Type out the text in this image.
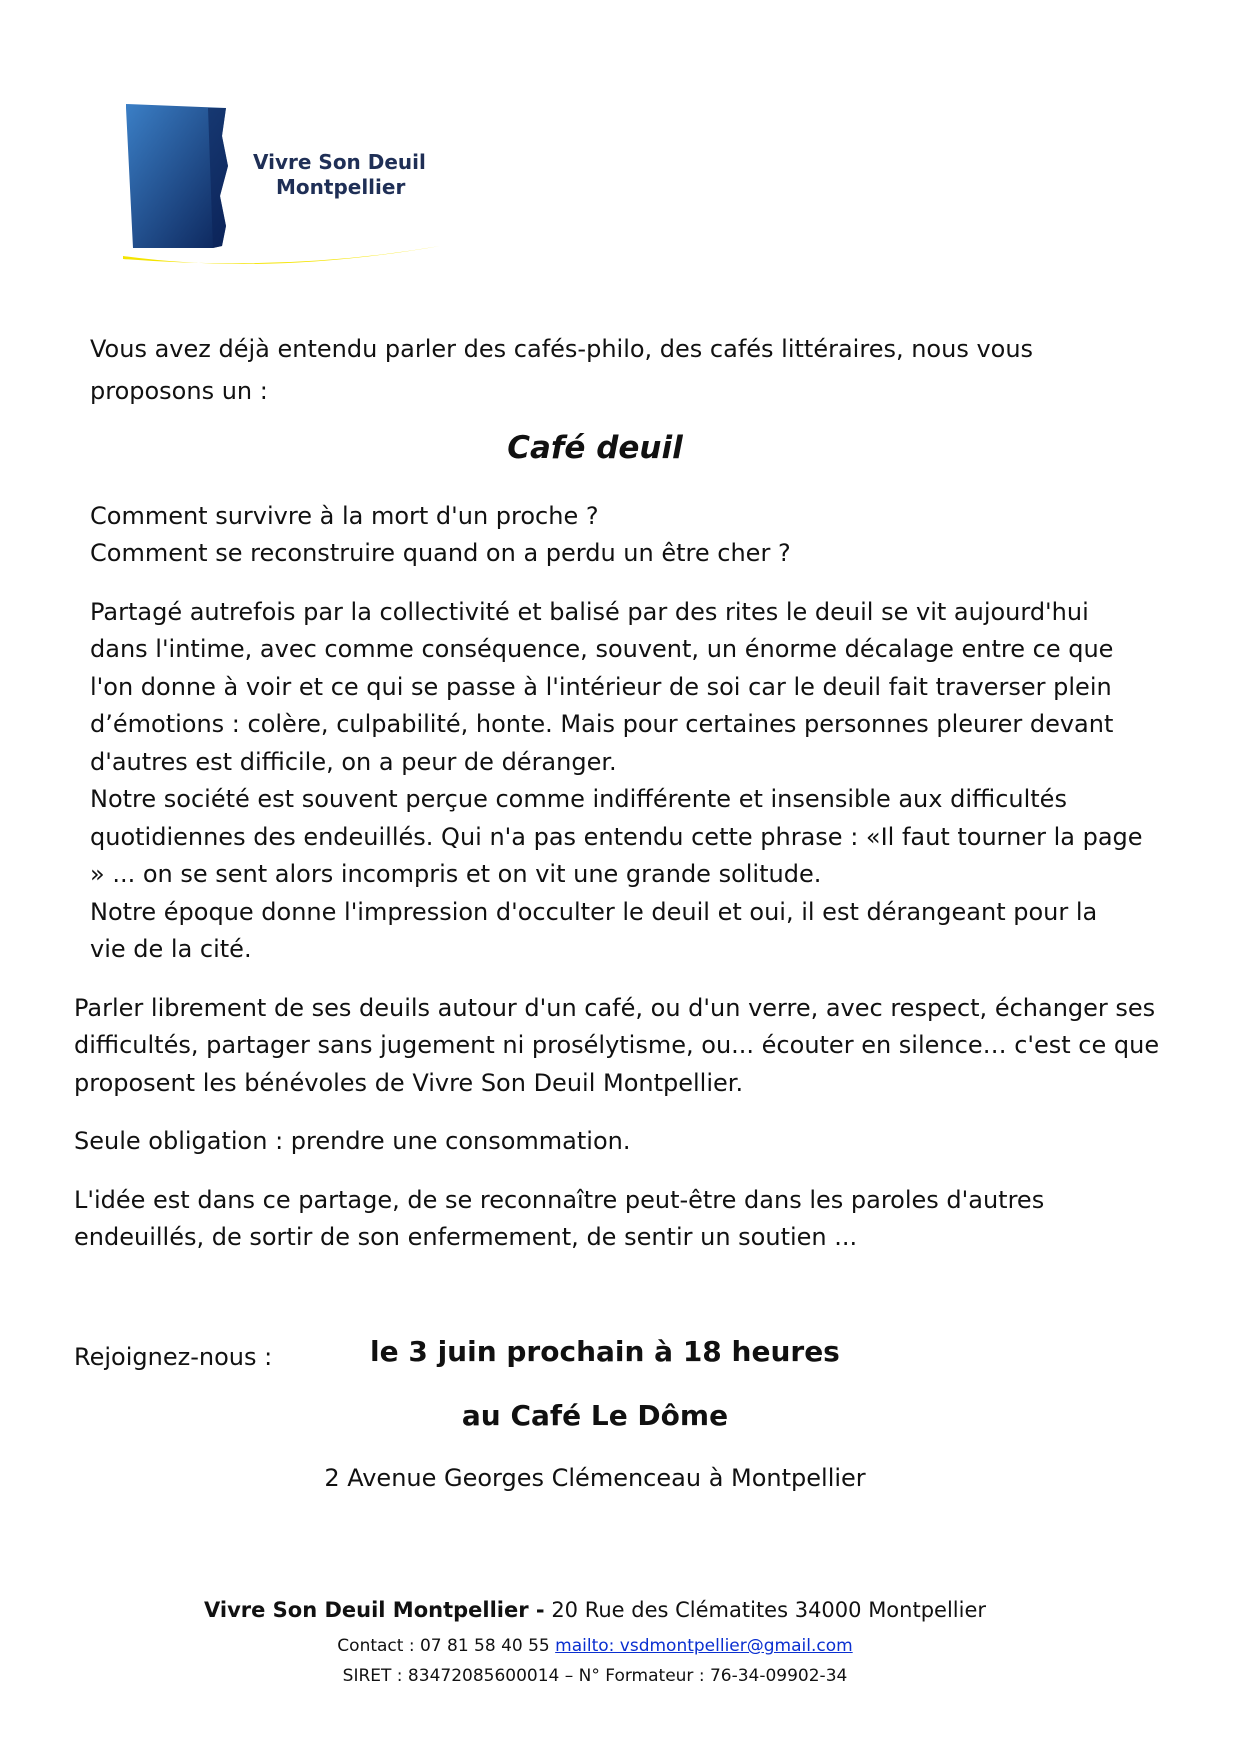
Vivre Son Deuil
Montpellier
Vous avez déjà entendu parler des cafés-philo, des cafés littéraires, nous vous
proposons un :
Café deuil
Comment survivre à la mort d'un proche ?
Comment se reconstruire quand on a perdu un être cher ?
Partagé autrefois par la collectivité et balisé par des rites le deuil se vit aujourd'hui
dans l'intime, avec comme conséquence, souvent, un énorme décalage entre ce que
l'on donne à voir et ce qui se passe à l'intérieur de soi car le deuil fait traverser plein
d’émotions : colère, culpabilité, honte. Mais pour certaines personnes pleurer devant
d'autres est difficile, on a peur de déranger.
Notre société est souvent perçue comme indifférente et insensible aux difficultés
quotidiennes des endeuillés. Qui n'a pas entendu cette phrase : «Il faut tourner la page
» ... on se sent alors incompris et on vit une grande solitude.
Notre époque donne l'impression d'occulter le deuil et oui, il est dérangeant pour la
vie de la cité.
Parler librement de ses deuils autour d'un café, ou d'un verre, avec respect, échanger ses
difficultés, partager sans jugement ni prosélytisme, ou... écouter en silence… c'est ce que
proposent les bénévoles de Vivre Son Deuil Montpellier.
Seule obligation : prendre une consommation.
L'idée est dans ce partage, de se reconnaître peut-être dans les paroles d'autres
endeuillés, de sortir de son enfermement, de sentir un soutien ...
Rejoignez-nous :	le 3 juin prochain à 18 heures
au Café Le Dôme
2 Avenue Georges Clémenceau à Montpellier
Vivre Son Deuil Montpellier - 20 Rue des Clématites 34000 Montpellier
Contact : 07 81 58 40 55 mailto: vsdmontpellier@gmail.com
SIRET : 83472085600014 – N° Formateur : 76-34-09902-34
